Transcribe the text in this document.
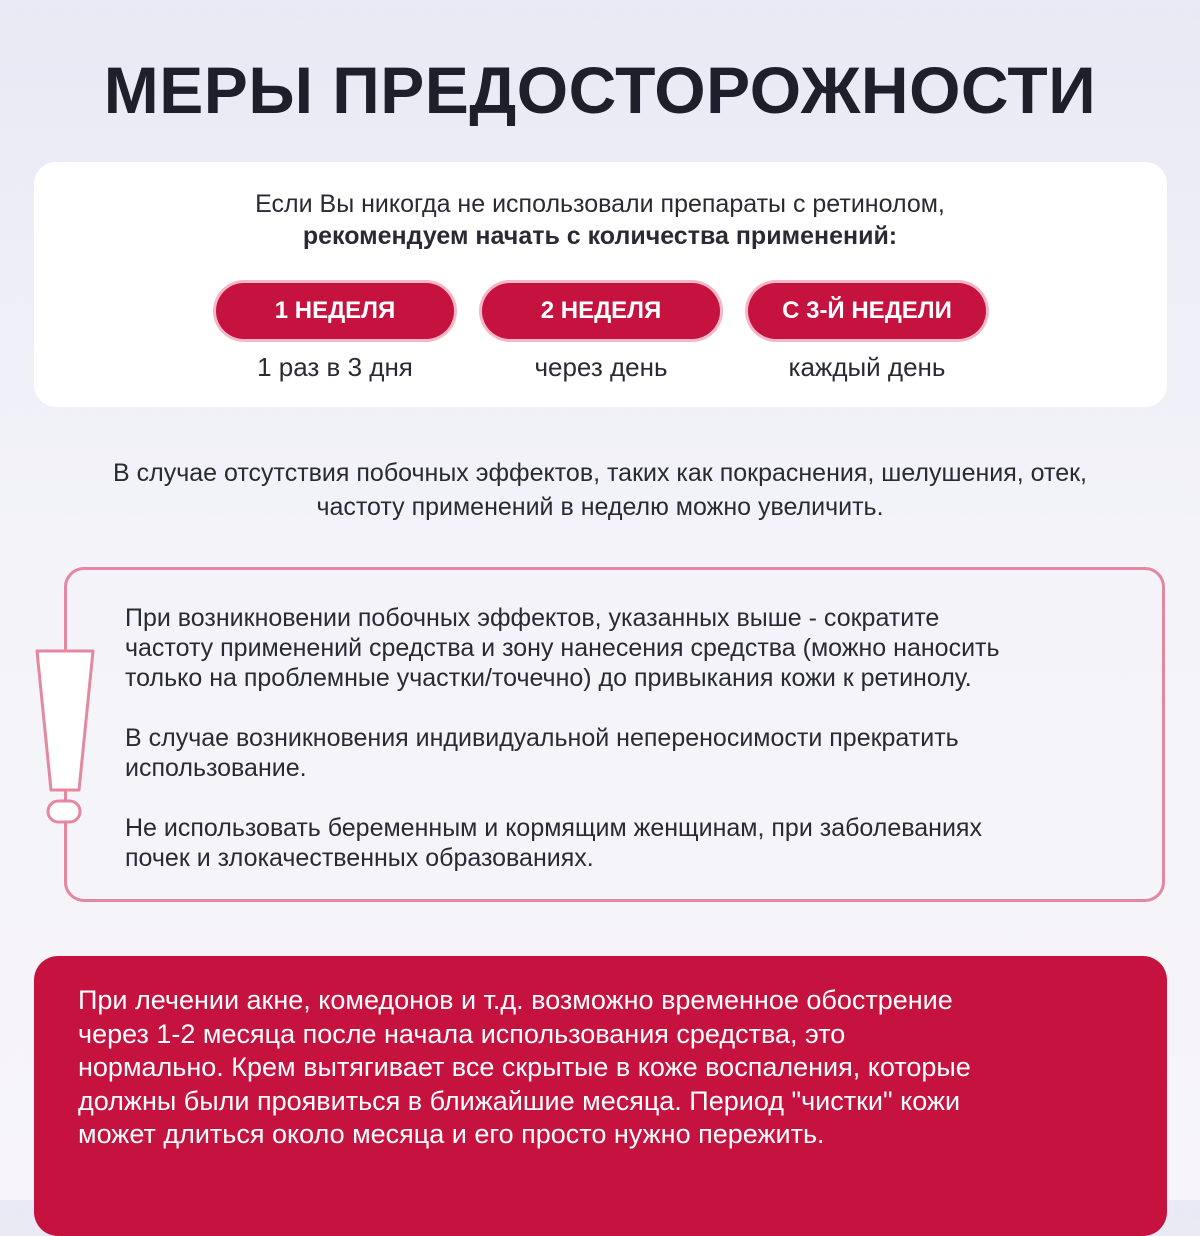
МЕРЫ ПРЕДОСТОРОЖНОСТИ
Если Вы никогда не использовали препараты с ретинолом,
рекомендуем начать с количества применений:
1 НЕДЕЛЯ	2 НЕДЕЛЯ	С 3-Й НЕДЕЛИ
1 раз в 3 дня	через день	каждый день
В случае отсутствия побочных эффектов, таких как покраснения, шелушения, отек,
частоту применений в неделю можно увеличить.

При возникновении побочных эффектов, указанных выше - сократите
частоту применений средства и зону нанесения средства (можно наносить
только на проблемные участки/точечно) до привыкания кожи к ретинолу.

В случае возникновения индивидуальной непереносимости прекратить
использование.

Не использовать беременным и кормящим женщинам, при заболеваниях
почек и злокачественных образованиях.

При лечении акне, комедонов и т.д. возможно временное обострение
через 1-2 месяца после начала использования средства, это
нормально. Крем вытягивает все скрытые в коже воспаления, которые
должны были проявиться в ближайшие месяца. Период "чистки" кожи
может длиться около месяца и его просто нужно пережить.
